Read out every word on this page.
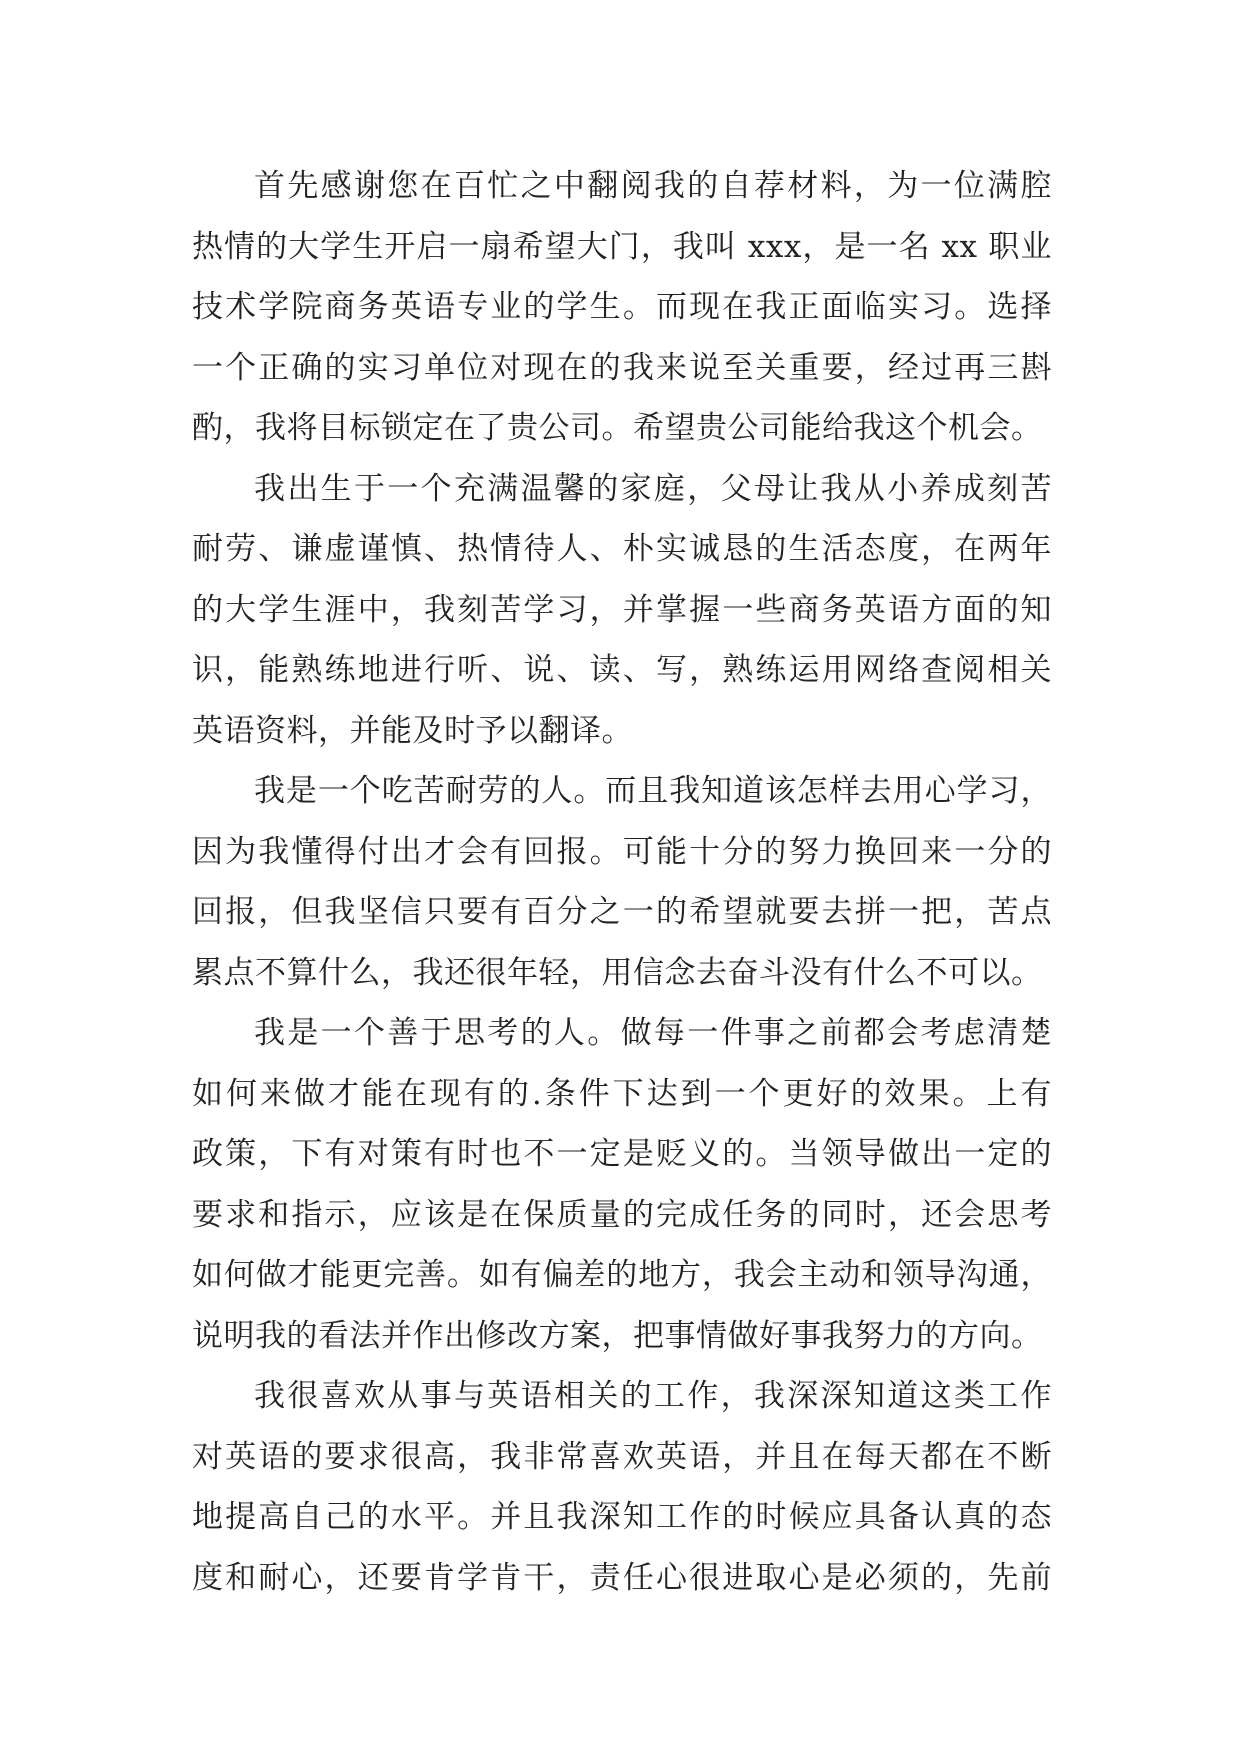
首先感谢您在百忙之中翻阅我的自荐材料，为一位满腔
热情的大学生开启一扇希望大门，我叫 xxx，是一名 xx 职业
技术学院商务英语专业的学生。而现在我正面临实习。选择
一个正确的实习单位对现在的我来说至关重要，经过再三斟
酌，我将目标锁定在了贵公司。希望贵公司能给我这个机会。
我出生于一个充满温馨的家庭，父母让我从小养成刻苦
耐劳、谦虚谨慎、热情待人、朴实诚恳的生活态度，在两年
的大学生涯中，我刻苦学习，并掌握一些商务英语方面的知
识，能熟练地进行听、说、读、写，熟练运用网络查阅相关
英语资料，并能及时予以翻译。
我是一个吃苦耐劳的人。而且我知道该怎样去用心学习，
因为我懂得付出才会有回报。可能十分的努力换回来一分的
回报，但我坚信只要有百分之一的希望就要去拼一把，苦点
累点不算什么，我还很年轻，用信念去奋斗没有什么不可以。
我是一个善于思考的人。做每一件事之前都会考虑清楚
如何来做才能在现有的.条件下达到一个更好的效果。上有
政策，下有对策有时也不一定是贬义的。当领导做出一定的
要求和指示，应该是在保质量的完成任务的同时，还会思考
如何做才能更完善。如有偏差的地方，我会主动和领导沟通，
说明我的看法并作出修改方案，把事情做好事我努力的方向。
我很喜欢从事与英语相关的工作，我深深知道这类工作
对英语的要求很高，我非常喜欢英语，并且在每天都在不断
地提高自己的水平。并且我深知工作的时候应具备认真的态
度和耐心，还要肯学肯干，责任心很进取心是必须的，先前
